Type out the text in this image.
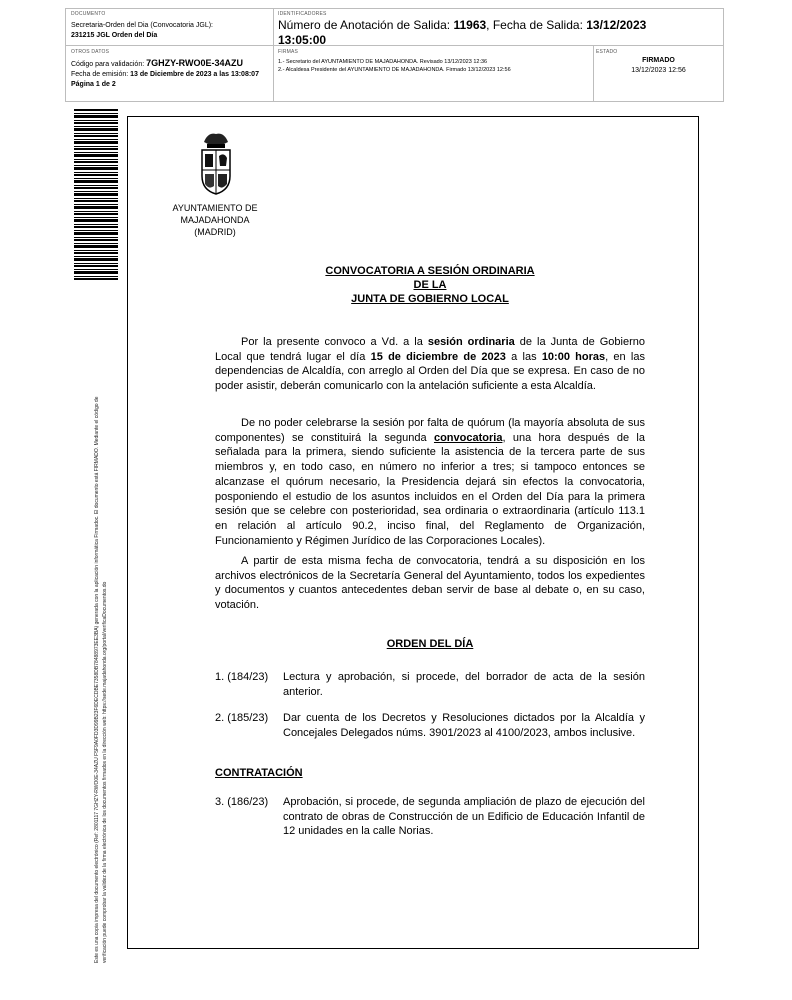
DOCUMENTO
Secretaria-Orden del Dia (Convocatoria JGL):
231215 JGL Orden del Día
IDENTIFICADORES
Número de Anotación de Salida: 11963, Fecha de Salida: 13/12/2023
13:05:00
OTROS DATOS
Código para validación: 7GHZY-RWO0E-34AZU
Fecha de emisión: 13 de Diciembre de 2023 a las 13:08:07
Página 1 de 2
FIRMAS
1.- Secretario del AYUNTAMIENTO DE MAJADAHONDA. Revisado 13/12/2023 12:36
2.- Alcaldesa Presidente del AYUNTAMIENTO DE MAJADAHONDA. Firmado 13/12/2023 12:56
ESTADO
FIRMADO
13/12/2023 12:56
Este es una copia impresa del documento electrónico (Ref: 2801117 7GHZY-RWO0E-34AZU F5F9A0FD3D99B23F6DECDBE7358DB78488973EE3BA) generada con la aplicación informática Firmadoc. El documento está FIRMADO. Mediante el código de verificación puede comprobar la validez de la firma electrónica de los documentos firmados en la dirección web: https://sede.majadahonda.org/portal/verificaDocumentos.do
AYUNTAMIENTO DE
MAJADAHONDA
(MADRID)
CONVOCATORIA A SESIÓN ORDINARIA
DE LA
JUNTA DE GOBIERNO LOCAL
Por la presente convoco a Vd. a la sesión ordinaria de la Junta de Gobierno Local que tendrá lugar el día 15 de diciembre de 2023 a las 10:00 horas, en las dependencias de Alcaldía, con arreglo al Orden del Día que se expresa. En caso de no poder asistir, deberán comunicarlo con la antelación suficiente a esta Alcaldía.
De no poder celebrarse la sesión por falta de quórum (la mayoría absoluta de sus componentes) se constituirá la segunda convocatoria, una hora después de la señalada para la primera, siendo suficiente la asistencia de la tercera parte de sus miembros y, en todo caso, en número no inferior a tres; si tampoco entonces se alcanzase el quórum necesario, la Presidencia dejará sin efectos la convocatoria, posponiendo el estudio de los asuntos incluidos en el Orden del Día para la primera sesión que se celebre con posterioridad, sea ordinaria o extraordinaria (artículo 113.1 en relación al artículo 90.2, inciso final, del Reglamento de Organización, Funcionamiento y Régimen Jurídico de las Corporaciones Locales).
A partir de esta misma fecha de convocatoria, tendrá a su disposición en los archivos electrónicos de la Secretaría General del Ayuntamiento, todos los expedientes y documentos y cuantos antecedentes deban servir de base al debate o, en su caso, votación.
ORDEN DEL DÍA
1. (184/23) Lectura y aprobación, si procede, del borrador de acta de la sesión anterior.
2. (185/23) Dar cuenta de los Decretos y Resoluciones dictados por la Alcaldía y Concejales Delegados núms. 3901/2023 al 4100/2023, ambos inclusive.
CONTRATACIÓN
3. (186/23) Aprobación, si procede, de segunda ampliación de plazo de ejecución del contrato de obras de Construcción de un Edificio de Educación Infantil de 12 unidades en la calle Norias.
